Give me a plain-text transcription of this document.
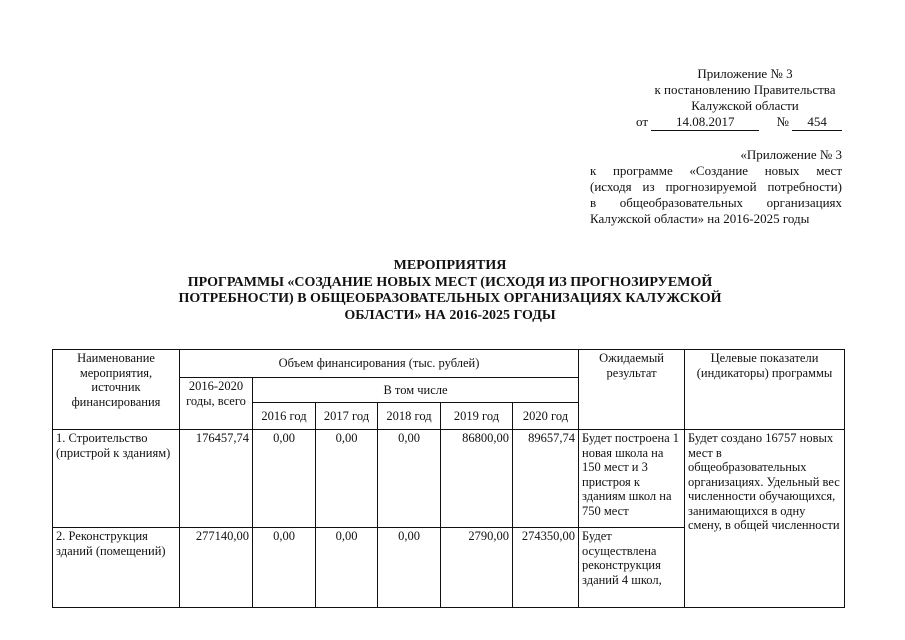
Приложение № 3
к постановлению Правительства
Калужской области
от 14.08.2017	№ 454
«Приложение № 3
к программе «Создание новых мест
(исходя из прогнозируемой потребности)
в общеобразовательных организациях
Калужской области» на 2016-2025 годы
МЕРОПРИЯТИЯ
ПРОГРАММЫ «СОЗДАНИЕ НОВЫХ МЕСТ (ИСХОДЯ ИЗ ПРОГНОЗИРУЕМОЙ
ПОТРЕБНОСТИ) В ОБЩЕОБРАЗОВАТЕЛЬНЫХ ОРГАНИЗАЦИЯХ КАЛУЖСКОЙ
ОБЛАСТИ» НА 2016-2025 ГОДЫ
Наименование мероприятия, источник финансирования	Объем финансирования (тыс. рублей)						Ожидаемый результат	Целевые показатели (индикаторы) программы
	2016-2020 годы, всего	В том числе						
		2016 год	2017 год	2018 год	2019 год	2020 год		
1. Строительство (пристрой к зданиям)	176457,74	0,00	0,00	0,00	86800,00	89657,74	Будет построена 1 новая школа на 150 мест и 3 пристроя к зданиям школ на 750 мест	Будет создано 16757 новых мест в общеобразовательных организациях. Удельный вес численности обучающихся, занимающихся в одну смену, в общей численности
2. Реконструкция зданий (помещений)	277140,00	0,00	0,00	0,00	2790,00	274350,00	Будет осуществлена реконструкция зданий 4 школ,	
